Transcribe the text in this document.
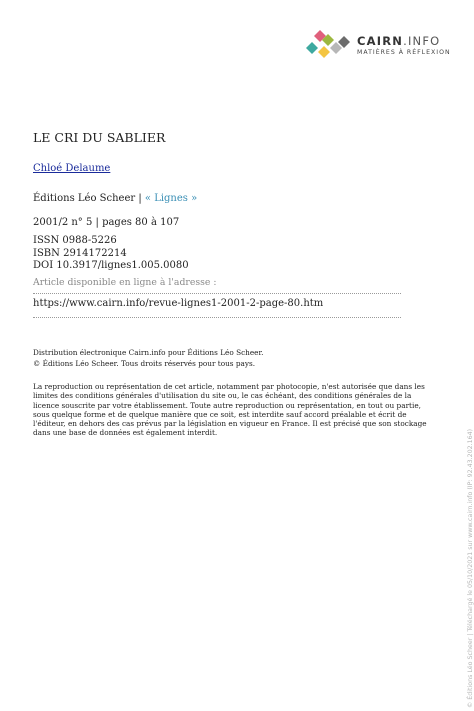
CAIRN.INFO
MATIÈRES À RÉFLEXION
LE CRI DU SABLIER
Chloé Delaume
Éditions Léo Scheer | « Lignes »
2001/2 n° 5 | pages 80 à 107
ISSN 0988-5226
ISBN 2914172214
DOI 10.3917/lignes1.005.0080
Article disponible en ligne à l'adresse :
https://www.cairn.info/revue-lignes1-2001-2-page-80.htm
Distribution électronique Cairn.info pour Éditions Léo Scheer.
© Éditions Léo Scheer. Tous droits réservés pour tous pays.
La reproduction ou représentation de cet article, notamment par photocopie, n'est autorisée que dans les
limites des conditions générales d'utilisation du site ou, le cas échéant, des conditions générales de la
licence souscrite par votre établissement. Toute autre reproduction ou représentation, en tout ou partie,
sous quelque forme et de quelque manière que ce soit, est interdite sauf accord préalable et écrit de
l'éditeur, en dehors des cas prévus par la législation en vigueur en France. Il est précisé que son stockage
dans une base de données est également interdit.	© Éditions Léo Scheer | Téléchargé le 05/10/2021 sur www.cairn.info (IP: 92.43.202.164)
